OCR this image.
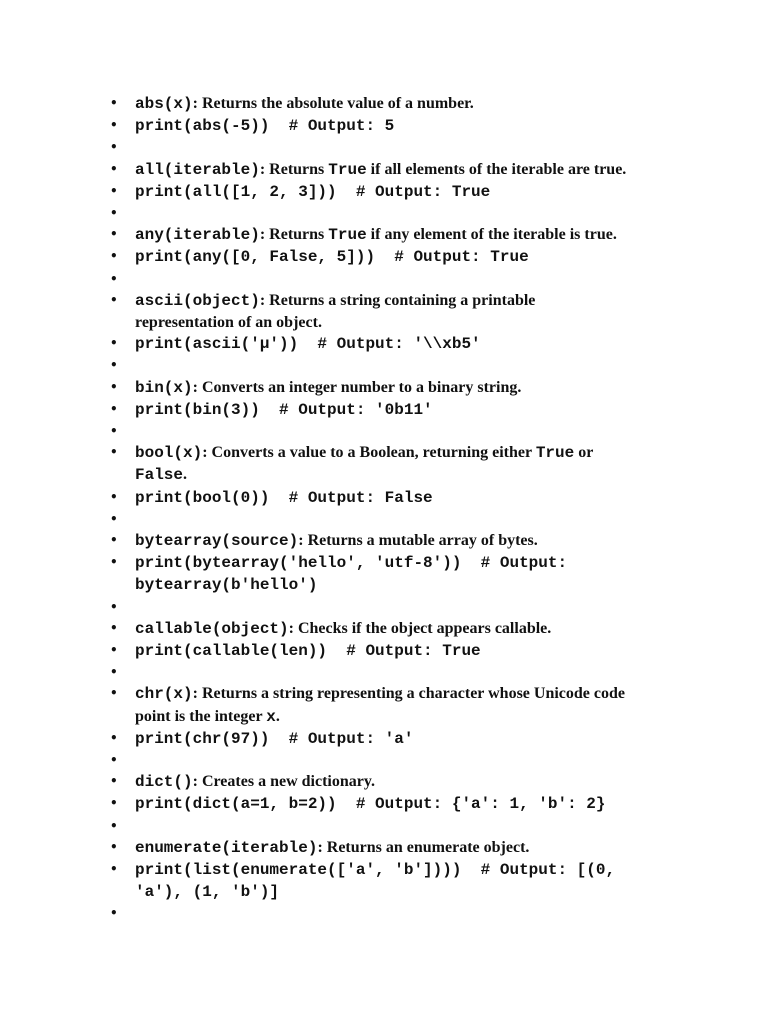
• abs(x): Returns the absolute value of a number.
• print(abs(-5))  # Output: 5
•
• all(iterable): Returns True if all elements of the iterable are true.
• print(all([1, 2, 3]))  # Output: True
•
• any(iterable): Returns True if any element of the iterable is true.
• print(any([0, False, 5]))  # Output: True
•
• ascii(object): Returns a string containing a printable
representation of an object.
• print(ascii('µ'))  # Output: '\\xb5'
•
• bin(x): Converts an integer number to a binary string.
• print(bin(3))  # Output: '0b11'
•
• bool(x): Converts a value to a Boolean, returning either True or
False.
• print(bool(0))  # Output: False
•
• bytearray(source): Returns a mutable array of bytes.
• print(bytearray('hello', 'utf-8'))  # Output:
bytearray(b'hello')
•
• callable(object): Checks if the object appears callable.
• print(callable(len))  # Output: True
•
• chr(x): Returns a string representing a character whose Unicode code
point is the integer x.
• print(chr(97))  # Output: 'a'
•
• dict(): Creates a new dictionary.
• print(dict(a=1, b=2))  # Output: {'a': 1, 'b': 2}
•
• enumerate(iterable): Returns an enumerate object.
• print(list(enumerate(['a', 'b'])))  # Output: [(0,
'a'), (1, 'b')]
•
